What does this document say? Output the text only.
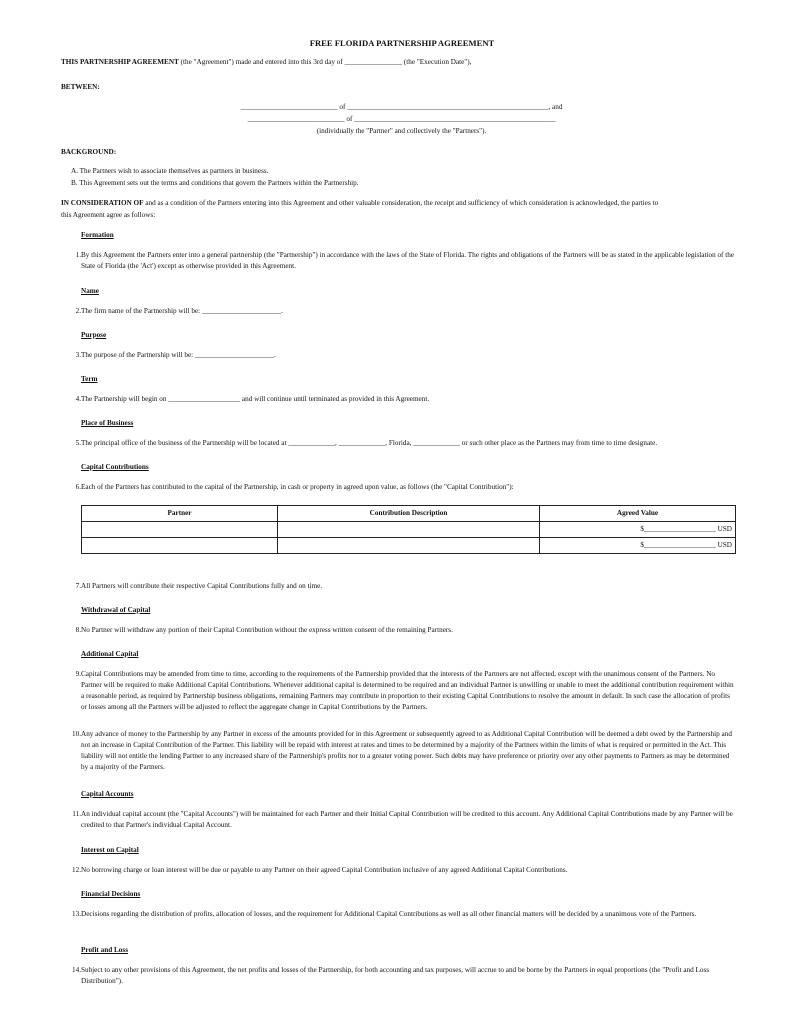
FREE FLORIDA PARTNERSHIP AGREEMENT
THIS PARTNERSHIP AGREEMENT (the "Agreement") made and entered into this 3rd day of ________________ (the "Execution Date"),
BETWEEN:
___________________________ of ________________________________________________________, and
___________________________ of ________________________________________________________
(individually the "Partner" and collectively the "Partners").
BACKGROUND:
A. The Partners wish to associate themselves as partners in business.
B. This Agreement sets out the terms and conditions that govern the Partners within the Partnership.
IN CONSIDERATION OF and as a condition of the Partners entering into this Agreement and other valuable consideration, the receipt and sufficiency of which consideration is acknowledged, the parties to
this Agreement agree as follows:
Formation
1. By this Agreement the Partners enter into a general partnership (the "Partnership") in accordance with the laws of the State of Florida. The rights and obligations of the Partners will be as stated in the applicable legislation of the State of Florida (the 'Act') except as otherwise provided in this Agreement.
Name
2. The firm name of the Partnership will be: ______________________.
Purpose
3. The purpose of the Partnership will be: ______________________.
Term
4. The Partnership will begin on ____________________ and will continue until terminated as provided in this Agreement.
Place of Business
5. The principal office of the business of the Partnership will be located at _____________, _____________, Florida, _____________ or such other place as the Partners may from time to time designate.
Capital Contributions
6. Each of the Partners has contributed to the capital of the Partnership, in cash or property in agreed upon value, as follows (the "Capital Contribution"):
Partner	Contribution Description	Agreed Value
		$____________________ USD
		$____________________ USD
7. All Partners will contribute their respective Capital Contributions fully and on time.
Withdrawal of Capital
8. No Partner will withdraw any portion of their Capital Contribution without the express written consent of the remaining Partners.
Additional Capital
9. Capital Contributions may be amended from time to time, according to the requirements of the Partnership provided that the interests of the Partners are not affected, except with the unanimous consent of the Partners. No Partner will be required to make Additional Capital Contributions. Whenever additional capital is determined to be required and an individual Partner is unwilling or unable to meet the additional contribution requirement within a reasonable period, as required by Partnership business obligations, remaining Partners may contribute in proportion to their existing Capital Contributions to resolve the amount in default. In such case the allocation of profits or losses among all the Partners will be adjusted to reflect the aggregate change in Capital Contributions by the Partners.
10. Any advance of money to the Partnership by any Partner in excess of the amounts provided for in this Agreement or subsequently agreed to as Additional Capital Contribution will be deemed a debt owed by the Partnership and not an increase in Capital Contribution of the Partner. This liability will be repaid with interest at rates and times to be determined by a majority of the Partners within the limits of what is required or permitted in the Act. This liability will not entitle the lending Partner to any increased share of the Partnership's profits nor to a greater voting power. Such debts may have preference or priority over any other payments to Partners as may be determined by a majority of the Partners.
Capital Accounts
11. An individual capital account (the "Capital Accounts") will be maintained for each Partner and their Initial Capital Contribution will be credited to this account. Any Additional Capital Contributions made by any Partner will be credited to that Partner's individual Capital Account.
Interest on Capital
12. No borrowing charge or loan interest will be due or payable to any Partner on their agreed Capital Contribution inclusive of any agreed Additional Capital Contributions.
Financial Decisions
13. Decisions regarding the distribution of profits, allocation of losses, and the requirement for Additional Capital Contributions as well as all other financial matters will be decided by a unanimous vote of the Partners.
Profit and Loss
14. Subject to any other provisions of this Agreement, the net profits and losses of the Partnership, for both accounting and tax purposes, will accrue to and be borne by the Partners in equal proportions (the "Profit and Loss Distribution").
